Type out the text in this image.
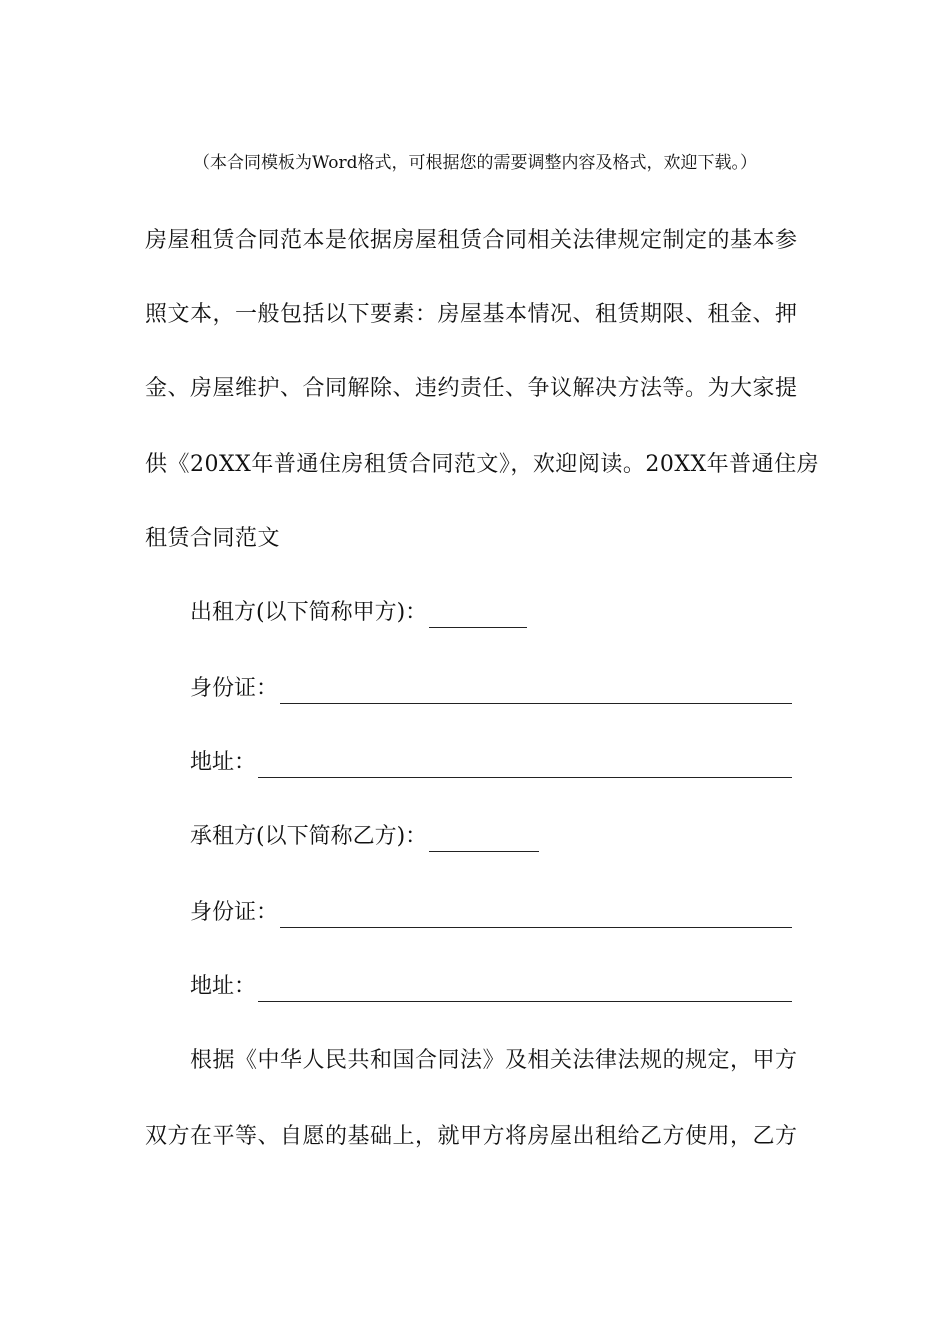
（本合同模板为Word格式，可根据您的需要调整内容及格式，欢迎下载。）
房屋租赁合同范本是依据房屋租赁合同相关法律规定制定的基本参
照文本，一般包括以下要素：房屋基本情况、租赁期限、租金、押
金、房屋维护、合同解除、违约责任、争议解决方法等。为大家提
供《20XX年普通住房租赁合同范文》，欢迎阅读。20XX年普通住房
租赁合同范文
出租方(以下简称甲方)：
身份证：
地址：
承租方(以下简称乙方)：
身份证：
地址：
根据《中华人民共和国合同法》及相关法律法规的规定，甲方
双方在平等、自愿的基础上，就甲方将房屋出租给乙方使用，乙方
